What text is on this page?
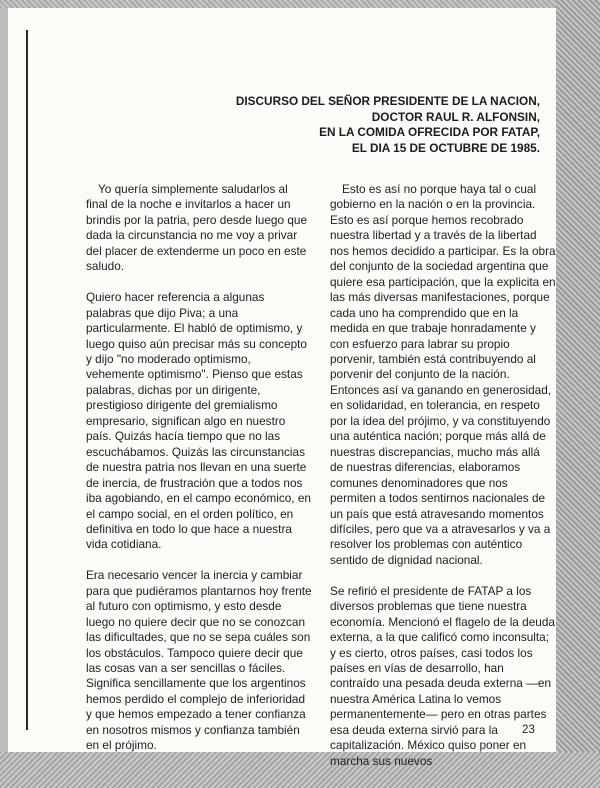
DISCURSO DEL SEÑOR PRESIDENTE DE LA NACION,
DOCTOR RAUL R. ALFONSIN,
EN LA COMIDA OFRECIDA POR FATAP,
EL DIA 15 DE OCTUBRE DE 1985.

Yo quería simplemente saludarlos al final de la noche e invitarlos a hacer un brindis por la patria, pero desde luego que dada la circunstancia no me voy a privar del placer de extenderme un poco en este saludo.

Quiero hacer referencia a algunas palabras que dijo Piva; a una particularmente. El habló de optimismo, y luego quiso aún precisar más su concepto y dijo "no moderado optimismo, vehemente optimismo". Pienso que estas palabras, dichas por un dirigente, prestigioso dirigente del gremialismo empresario, significan algo en nuestro país. Quizás hacía tiempo que no las escuchábamos. Quizás las circunstancias de nuestra patria nos llevan en una suerte de inercia, de frustración que a todos nos iba agobiando, en el campo económico, en el campo social, en el orden político, en definitiva en todo lo que hace a nuestra vida cotidiana.

Era necesario vencer la inercia y cambiar para que pudiéramos plantarnos hoy frente al futuro con optimismo, y esto desde luego no quiere decir que no se conozcan las dificultades, que no se sepa cuáles son los obstáculos. Tampoco quiere decir que las cosas van a ser sencillas o fáciles. Significa sencillamente que los argentinos hemos perdido el complejo de inferioridad y que hemos empezado a tener confianza en nosotros mismos y confianza también en el prójimo.

Esto es así no porque haya tal o cual gobierno en la nación o en la provincia. Esto es así porque hemos recobrado nuestra libertad y a través de la libertad nos hemos decidido a participar. Es la obra del conjunto de la sociedad argentina que quiere esa participación, que la explicita en las más diversas manifestaciones, porque cada uno ha comprendido que en la medida en que trabaje honradamente y con esfuerzo para labrar su propio porvenir, también está contribuyendo al porvenir del conjunto de la nación. Entonces así va ganando en generosidad, en solidaridad, en tolerancia, en respeto por la idea del prójimo, y va constituyendo una auténtica nación; porque más allá de nuestras discrepancias, mucho más allá de nuestras diferencias, elaboramos comunes denominadores que nos permiten a todos sentirnos nacionales de un país que está atravesando momentos difíciles, pero que va a atravesarlos y va a resolver los problemas con auténtico sentido de dignidad nacional.

Se refirió el presidente de FATAP a los diversos problemas que tiene nuestra economía. Mencionó el flagelo de la deuda externa, a la que calificó como inconsulta; y es cierto, otros países, casi todos los países en vías de desarrollo, han contraído una pesada deuda externa —en nuestra América Latina lo vemos permanentemente— pero en otras partes esa deuda externa sirvió para la capitalización. México quiso poner en marcha sus nuevos

23
